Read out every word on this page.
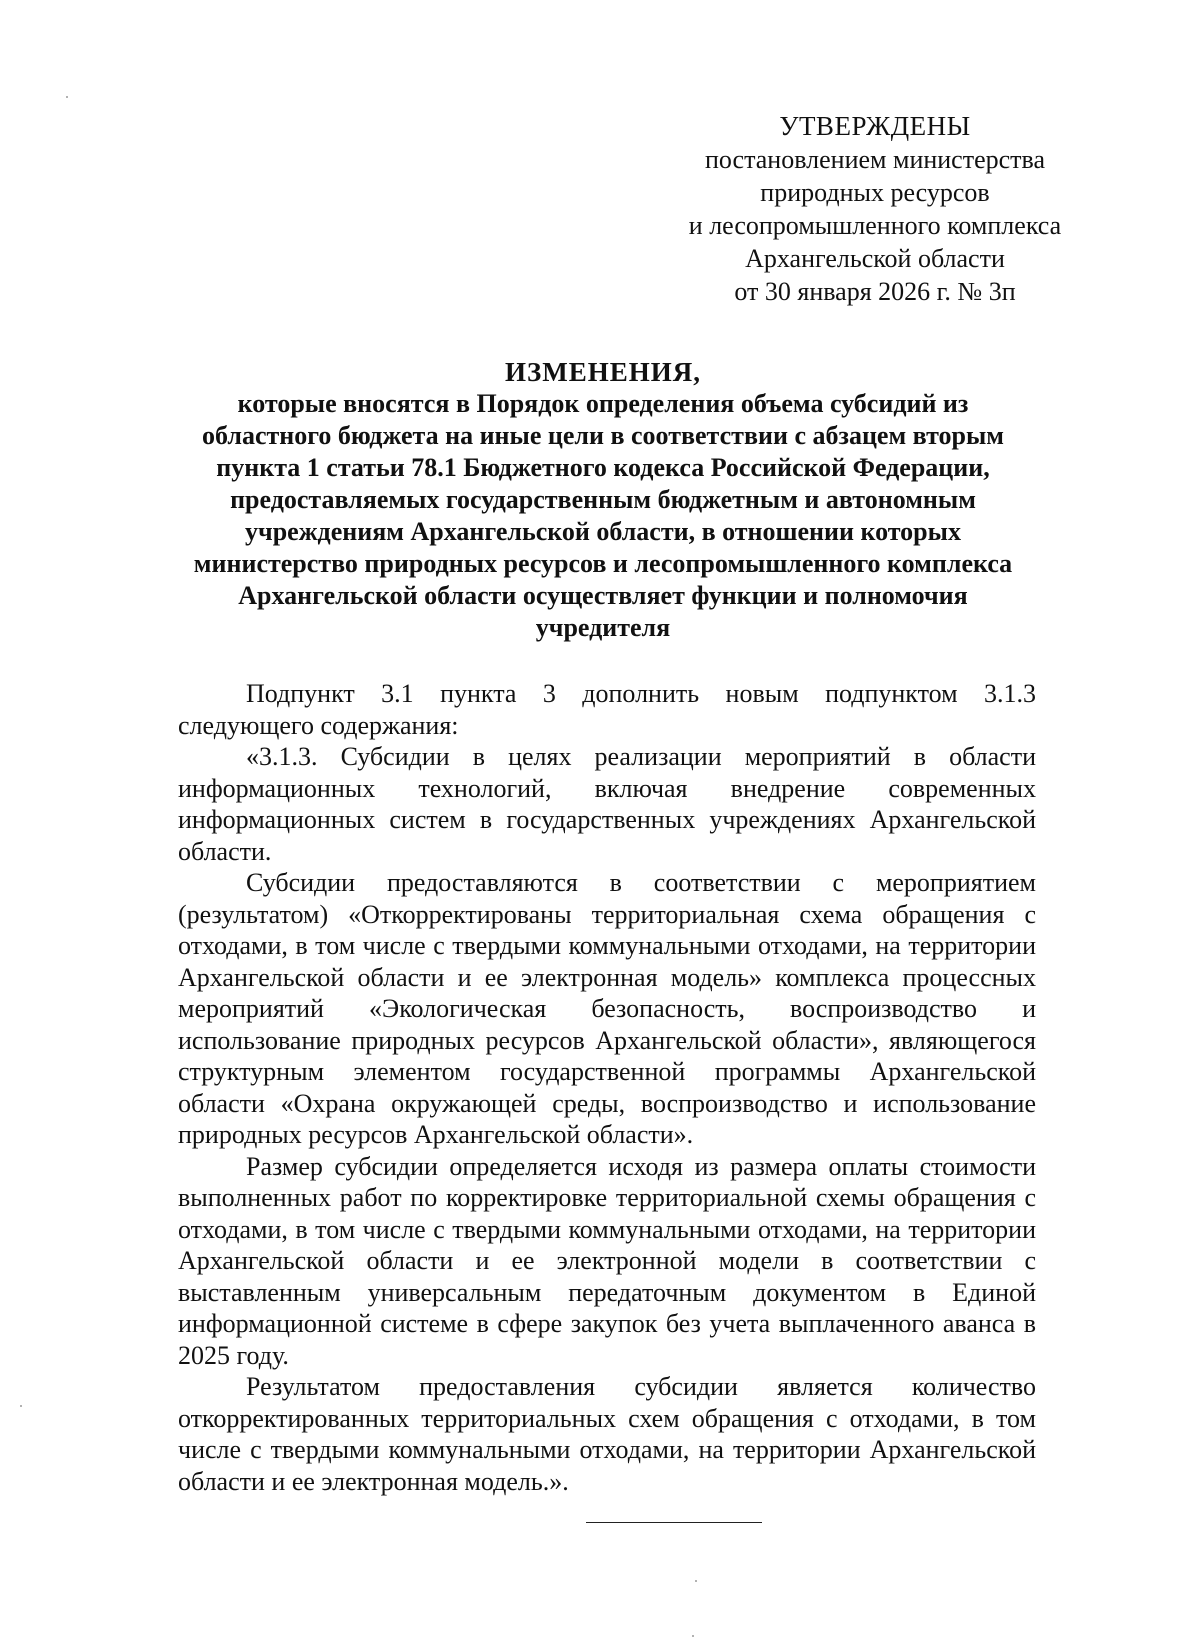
УТВЕРЖДЕНЫ
постановлением министерства
природных ресурсов
и лесопромышленного комплекса
Архангельской области
от 30 января 2026 г. № 3п
ИЗМЕНЕНИЯ,
которые вносятся в Порядок определения объема субсидий из
областного бюджета на иные цели в соответствии с абзацем вторым
пункта 1 статьи 78.1 Бюджетного кодекса Российской Федерации,
предоставляемых государственным бюджетным и автономным
учреждениям Архангельской области, в отношении которых
министерство природных ресурсов и лесопромышленного комплекса
Архангельской области осуществляет функции и полномочия
учредителя

Подпункт 3.1 пункта 3 дополнить новым подпунктом 3.1.3 следующего содержания:

«3.1.3. Субсидии в целях реализации мероприятий в области информационных технологий, включая внедрение современных информационных систем в государственных учреждениях Архангельской области.

Субсидии предоставляются в соответствии с мероприятием (результатом) «Откорректированы территориальная схема обращения с отходами, в том числе с твердыми коммунальными отходами, на территории Архангельской области и ее электронная модель» комплекса процессных мероприятий «Экологическая безопасность, воспроизводство и использование природных ресурсов Архангельской области», являющегося структурным элементом государственной программы Архангельской области «Охрана окружающей среды, воспроизводство и использование природных ресурсов Архангельской области».

Размер субсидии определяется исходя из размера оплаты стоимости выполненных работ по корректировке территориальной схемы обращения с отходами, в том числе с твердыми коммунальными отходами, на территории Архангельской области и ее электронной модели в соответствии с выставленным универсальным передаточным документом в Единой информационной системе в сфере закупок без учета выплаченного аванса в 2025 году.

Результатом предоставления субсидии является количество откорректированных территориальных схем обращения с отходами, в том числе с твердыми коммунальными отходами, на территории Архангельской области и ее электронная модель.».
